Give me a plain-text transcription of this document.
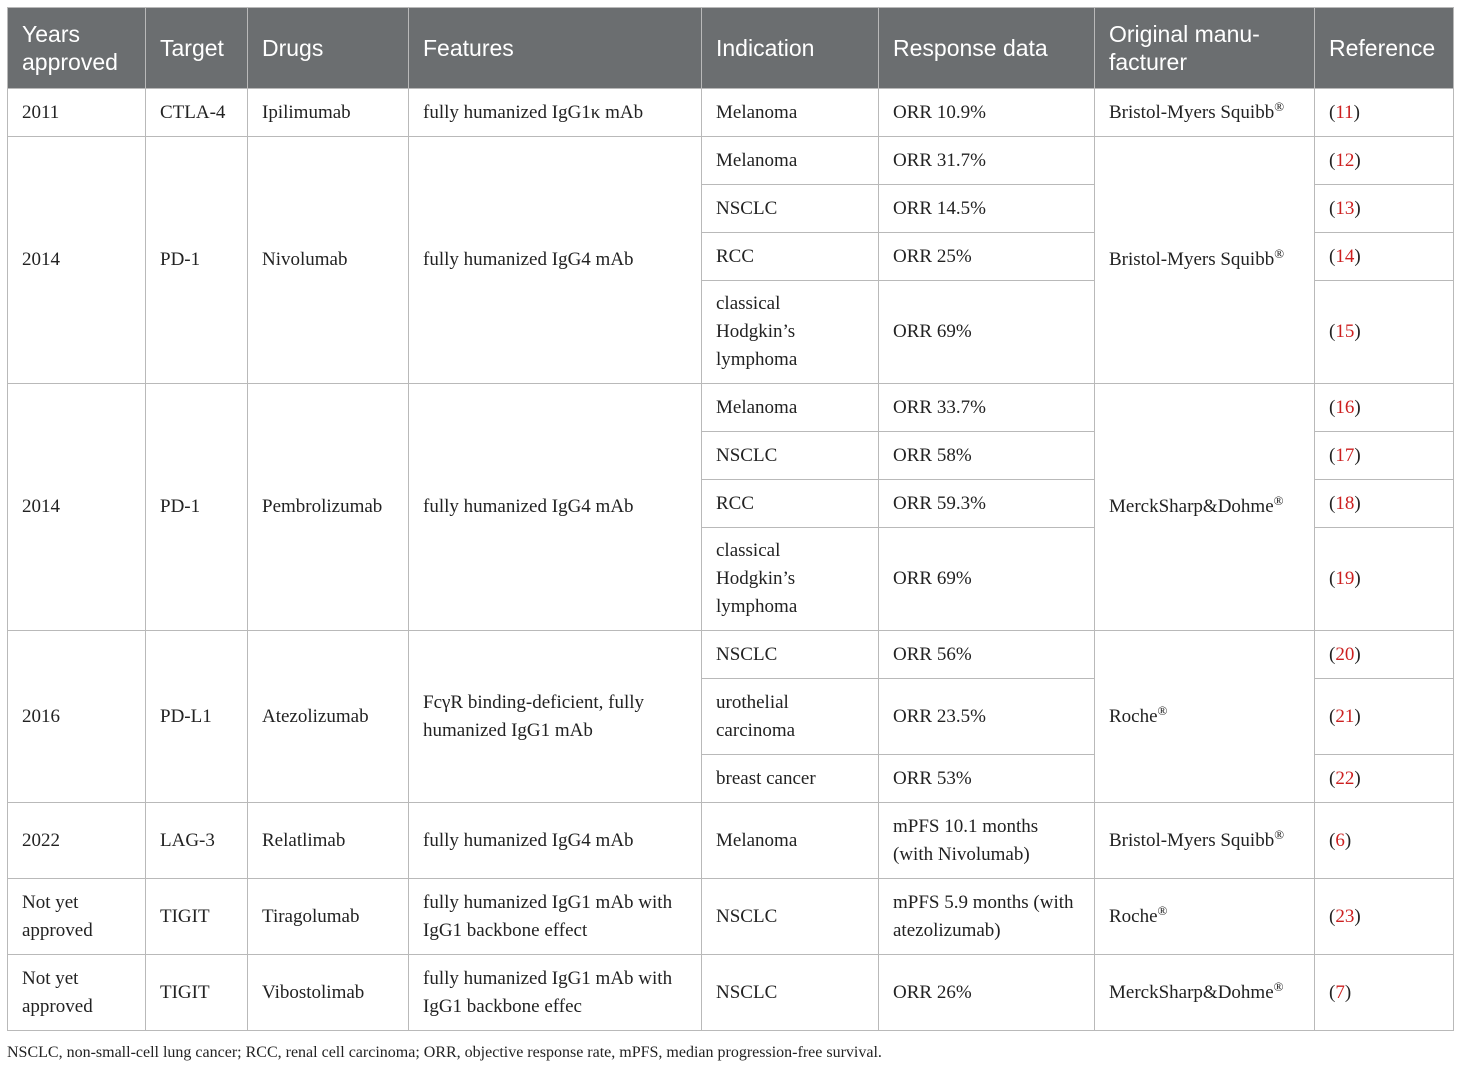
Years approved	Target	Drugs	Features	Indication	Response data	Original manu-facturer	Reference
2011	CTLA-4	Ipilimumab	fully humanized IgG1κ mAb	Melanoma	ORR 10.9%	Bristol-Myers Squibb®	(11)
2014	PD-1	Nivolumab	fully humanized IgG4 mAb	Melanoma	ORR 31.7%	Bristol-Myers Squibb®	(12)
				NSCLC	ORR 14.5%		(13)
				RCC	ORR 25%		(14)
				classical Hodgkin’s lymphoma	ORR 69%		(15)
2014	PD-1	Pembrolizumab	fully humanized IgG4 mAb	Melanoma	ORR 33.7%	MerckSharp&Dohme®	(16)
				NSCLC	ORR 58%		(17)
				RCC	ORR 59.3%		(18)
				classical Hodgkin’s lymphoma	ORR 69%		(19)
2016	PD-L1	Atezolizumab	FcγR binding-deficient, fully humanized IgG1 mAb	NSCLC	ORR 56%	Roche®	(20)
				urothelial carcinoma	ORR 23.5%		(21)
				breast cancer	ORR 53%		(22)
2022	LAG-3	Relatlimab	fully humanized IgG4 mAb	Melanoma	mPFS 10.1 months (with Nivolumab)	Bristol-Myers Squibb®	(6)
Not yet approved	TIGIT	Tiragolumab	fully humanized IgG1 mAb with IgG1 backbone effect	NSCLC	mPFS 5.9 months (with atezolizumab)	Roche®	(23)
Not yet approved	TIGIT	Vibostolimab	fully humanized IgG1 mAb with IgG1 backbone effec	NSCLC	ORR 26%	MerckSharp&Dohme®	(7)
NSCLC, non-small-cell lung cancer; RCC, renal cell carcinoma; ORR, objective response rate, mPFS, median progression-free survival.
